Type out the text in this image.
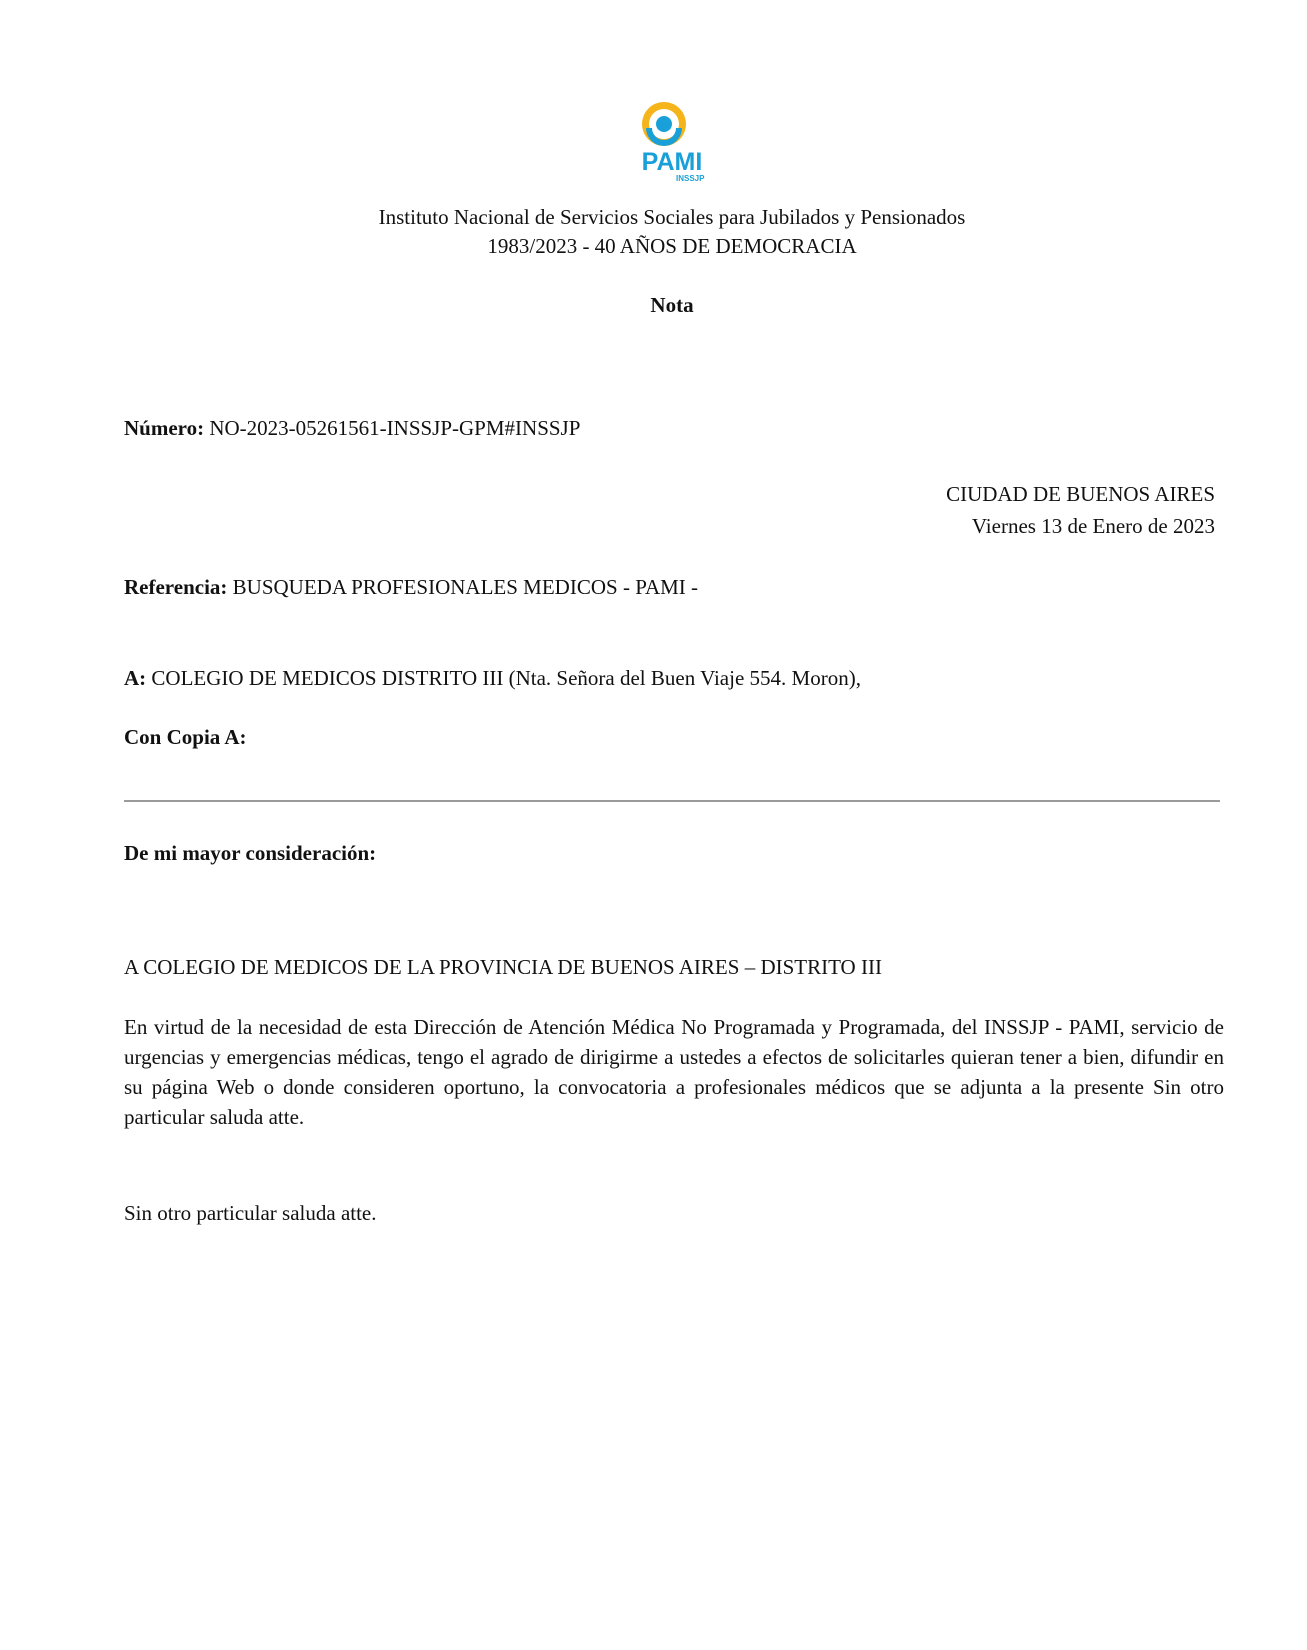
PAMI
INSSJP
Instituto Nacional de Servicios Sociales para Jubilados y Pensionados
1983/2023 - 40 AÑOS DE DEMOCRACIA
Nota
Número: NO-2023-05261561-INSSJP-GPM#INSSJP
CIUDAD DE BUENOS AIRES
Viernes 13 de Enero de 2023
Referencia: BUSQUEDA PROFESIONALES MEDICOS - PAMI -
A: COLEGIO DE MEDICOS DISTRITO III (Nta. Señora del Buen Viaje 554. Moron),
Con Copia A:
De mi mayor consideración:
A COLEGIO DE MEDICOS DE LA PROVINCIA DE BUENOS AIRES – DISTRITO III
En virtud de la necesidad de esta Dirección de Atención Médica No Programada y Programada, del INSSJP - PAMI, servicio de urgencias y emergencias médicas, tengo el agrado de dirigirme a ustedes a efectos de solicitarles quieran tener a bien, difundir en su página Web o donde consideren oportuno, la convocatoria a profesionales médicos que se adjunta a la presente Sin otro particular saluda atte.
Sin otro particular saluda atte.
